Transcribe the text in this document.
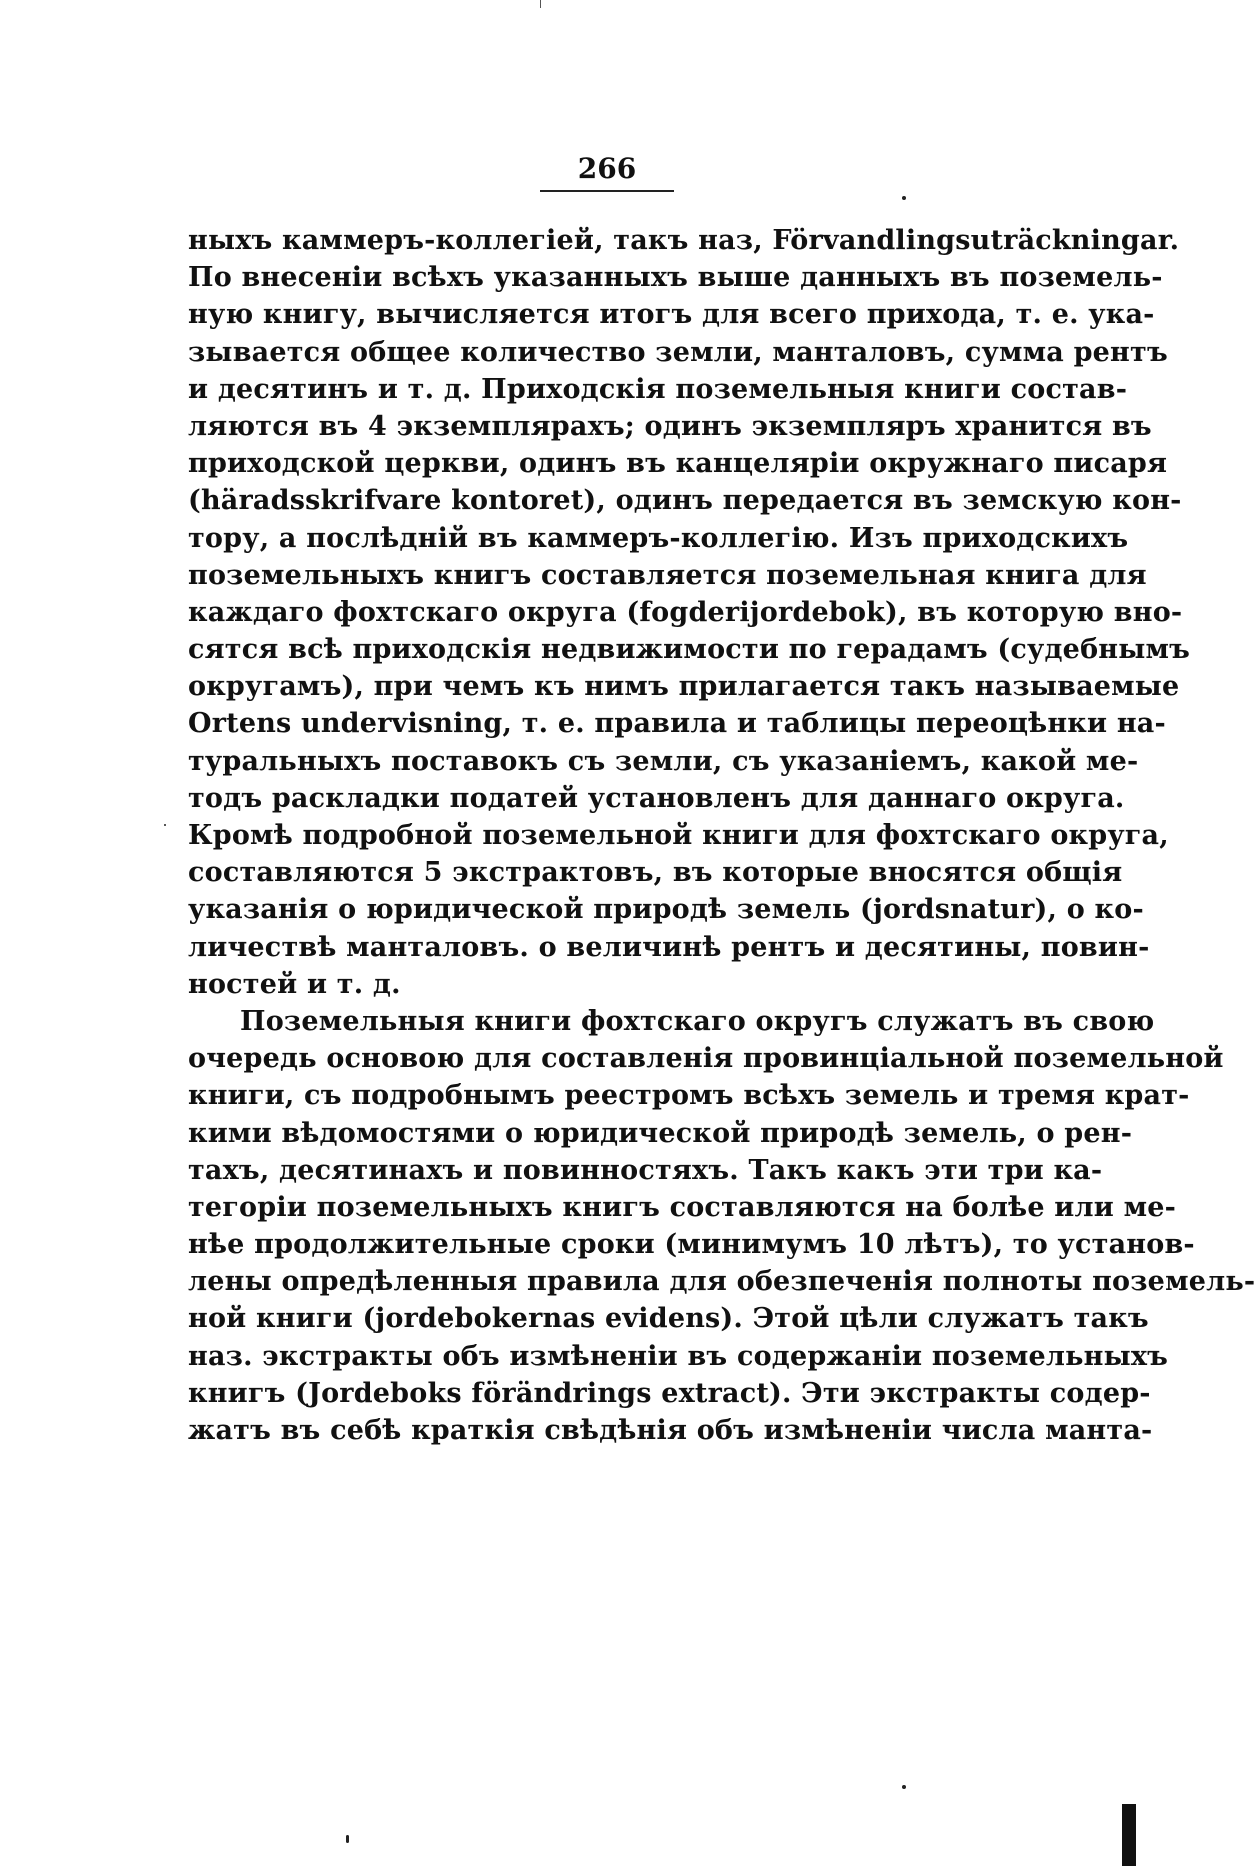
266
ныхъ каммеръ-коллегіей, такъ наз, Förvandlingsuträckningar.
По внесеніи всѣхъ указанныхъ выше данныхъ въ поземель-
ную книгу, вычисляется итогъ для всего прихода, т. е. ука-
зывается общее количество земли, манталовъ, сумма рентъ
и десятинъ и т. д. Приходскія поземельныя книги состав-
ляются въ 4 экземплярахъ; одинъ экземпляръ хранится въ
приходской церкви, одинъ въ канцеляріи окружнаго писаря
(häradsskrifvare kontoret), одинъ передается въ земскую кон-
тору, а послѣдній въ каммеръ-коллегію. Изъ приходскихъ
поземельныхъ книгъ составляется поземельная книга для
каждаго фохтскаго округа (fogderijordebok), въ которую вно-
сятся всѣ приходскія недвижимости по герадамъ (судебнымъ
округамъ), при чемъ къ нимъ прилагается такъ называемые
Ortens undervisning, т. е. правила и таблицы переоцѣнки на-
туральныхъ поставокъ съ земли, съ указаніемъ, какой ме-
тодъ раскладки податей установленъ для даннаго округа.
Кромѣ подробной поземельной книги для фохтскаго округа,
составляются 5 экстрактовъ, въ которые вносятся общія
указанія о юридической природѣ земель (jordsnatur), о ко-
личествѣ манталовъ. о величинѣ рентъ и десятины, повин-
ностей и т. д.
Поземельныя книги фохтскаго округъ служатъ въ свою
очередь основою для составленія провинціальной поземельной
книги, съ подробнымъ реестромъ всѣхъ земель и тремя крат-
кими вѣдомостями о юридической природѣ земель, о рен-
тахъ, десятинахъ и повинностяхъ. Такъ какъ эти три ка-
тегоріи поземельныхъ книгъ составляются на болѣе или ме-
нѣе продолжительные сроки (минимумъ 10 лѣтъ), то установ-
лены опредѣленныя правила для обезпеченія полноты поземель-
ной книги (jordebokernas evidens). Этой цѣли служатъ такъ
наз. экстракты объ измѣненіи въ содержаніи поземельныхъ
книгъ (Jordeboks förändrings extract). Эти экстракты содер-
жатъ въ себѣ краткія свѣдѣнія объ измѣненіи числа манта-
